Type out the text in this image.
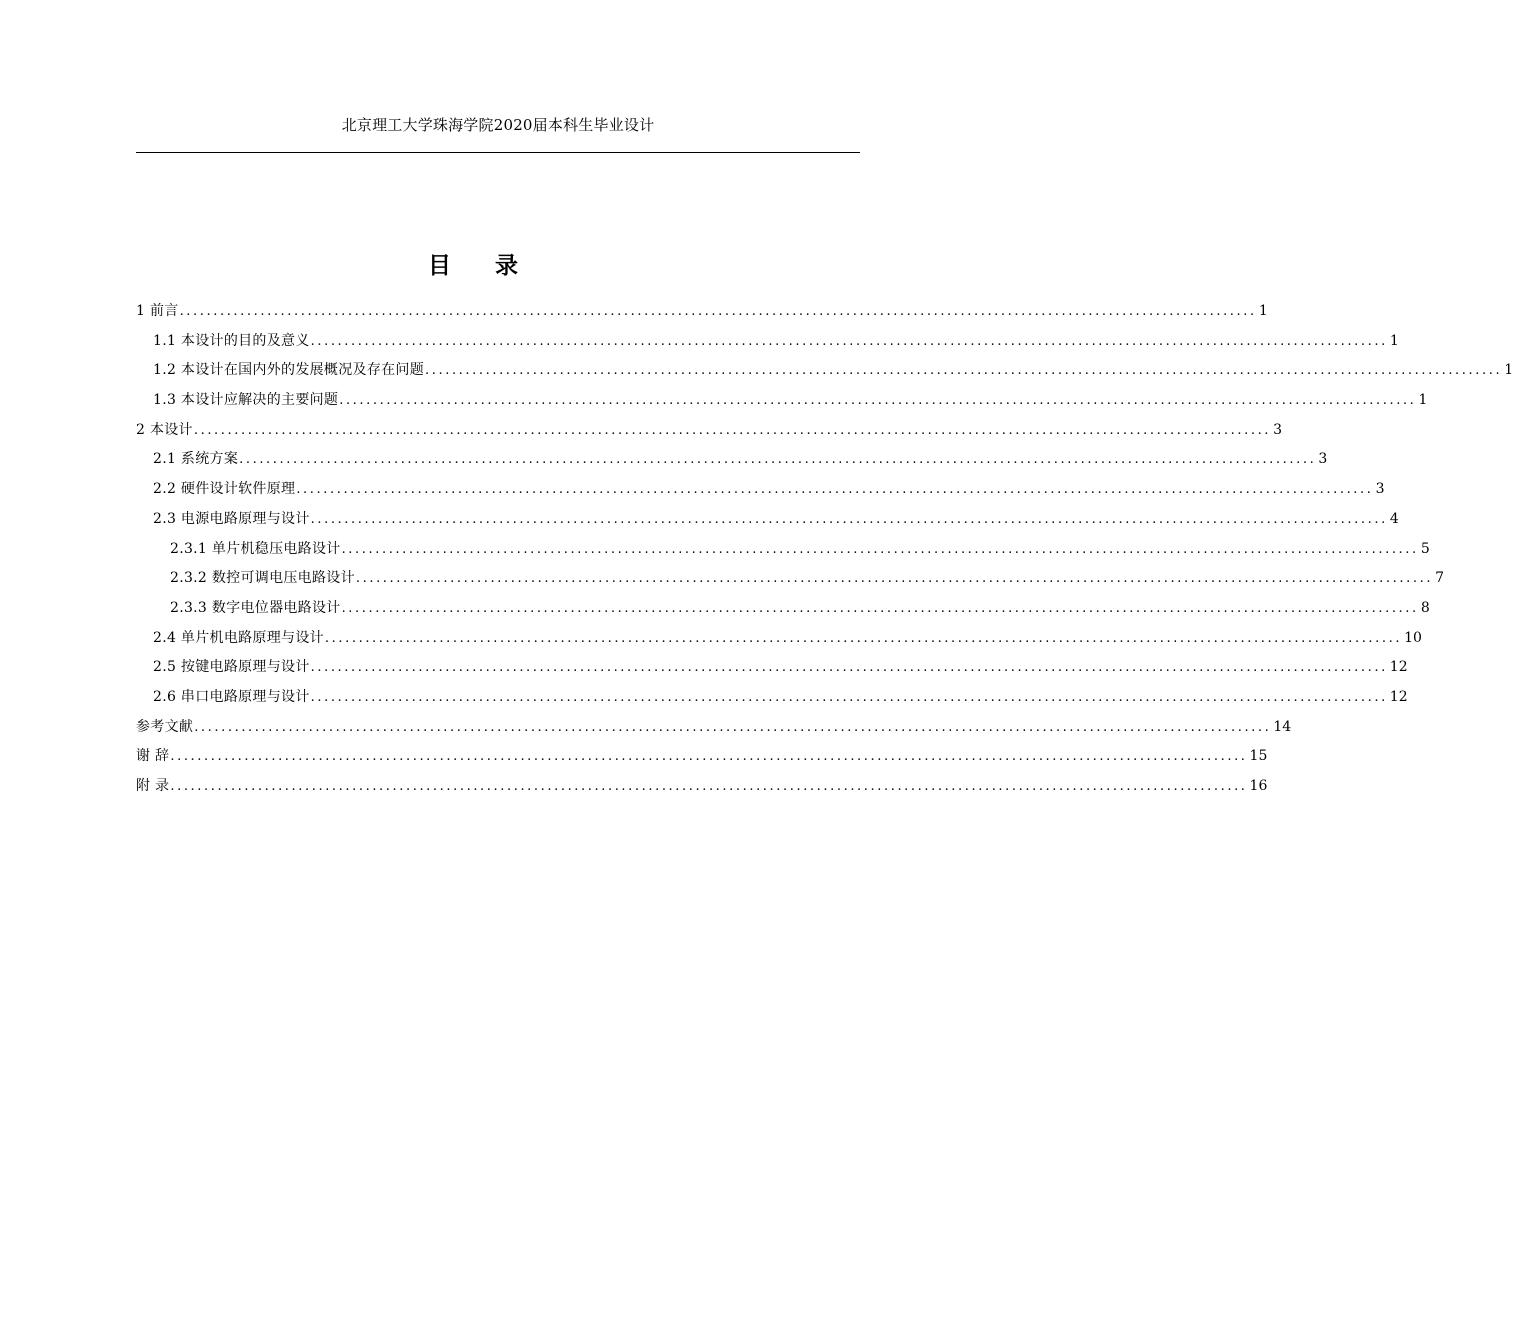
北京理工大学珠海学院2020届本科生毕业设计
目 录
1 前言 ................................................................................................................................................................ 1
1.1 本设计的目的及意义 ................................................................................................................................................................ 1
1.2 本设计在国内外的发展概况及存在问题 ................................................................................................................................................................ 1
1.3 本设计应解决的主要问题 ................................................................................................................................................................ 1
2 本设计 ................................................................................................................................................................ 3
2.1 系统方案 ................................................................................................................................................................ 3
2.2 硬件设计软件原理 ................................................................................................................................................................ 3
2.3 电源电路原理与设计 ................................................................................................................................................................ 4
2.3.1 单片机稳压电路设计 ................................................................................................................................................................ 5
2.3.2 数控可调电压电路设计 ................................................................................................................................................................ 7
2.3.3 数字电位器电路设计 ................................................................................................................................................................ 8
2.4 单片机电路原理与设计 ................................................................................................................................................................ 10
2.5 按键电路原理与设计 ................................................................................................................................................................ 12
2.6 串口电路原理与设计 ................................................................................................................................................................ 12
参考文献 ................................................................................................................................................................ 14
谢 辞 ................................................................................................................................................................ 15
附 录 ................................................................................................................................................................ 16
